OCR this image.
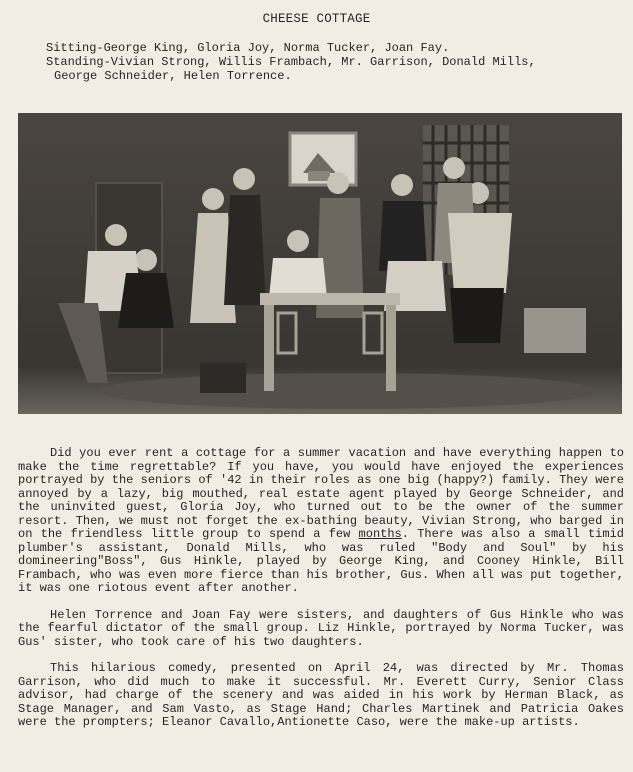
CHEESE COTTAGE
Sitting-George King, Gloria Joy, Norma Tucker, Joan Fay.
Standing-Vivian Strong, Willis Frambach, Mr. Garrison, Donald Mills,
George Schneider, Helen Torrence.

Did you ever rent a cottage for a summer vacation and have everything happen to make the time regrettable? If you have, you would have enjoyed the experiences portrayed by the seniors of '42 in their roles as one big (happy?) family. They were annoyed by a lazy, big mouthed, real estate agent played by George Schneider, and the uninvited guest, Gloria Joy, who turned out to be the owner of the summer resort. Then, we must not forget the ex-bathing beauty, Vivian Strong, who barged in on the friendless little group to spend a few months. There was also a small timid plumber's assistant, Donald Mills, who was ruled "Body and Soul" by his domineering"Boss", Gus Hinkle, played by George King, and Cooney Hinkle, Bill Frambach, who was even more fierce than his brother, Gus. When all was put together, it was one riotous event after another.

Helen Torrence and Joan Fay were sisters, and daughters of Gus Hinkle who was the fearful dictator of the small group. Liz Hinkle, portrayed by Norma Tucker, was Gus' sister, who took care of his two daughters.

This hilarious comedy, presented on April 24, was directed by Mr. Thomas Garrison, who did much to make it successful. Mr. Everett Curry, Senior Class advisor, had charge of the scenery and was aided in his work by Herman Black, as Stage Manager, and Sam Vasto, as Stage Hand; Charles Martinek and Patricia Oakes were the prompters; Eleanor Cavallo,Antionette Caso, were the make-up artists.
